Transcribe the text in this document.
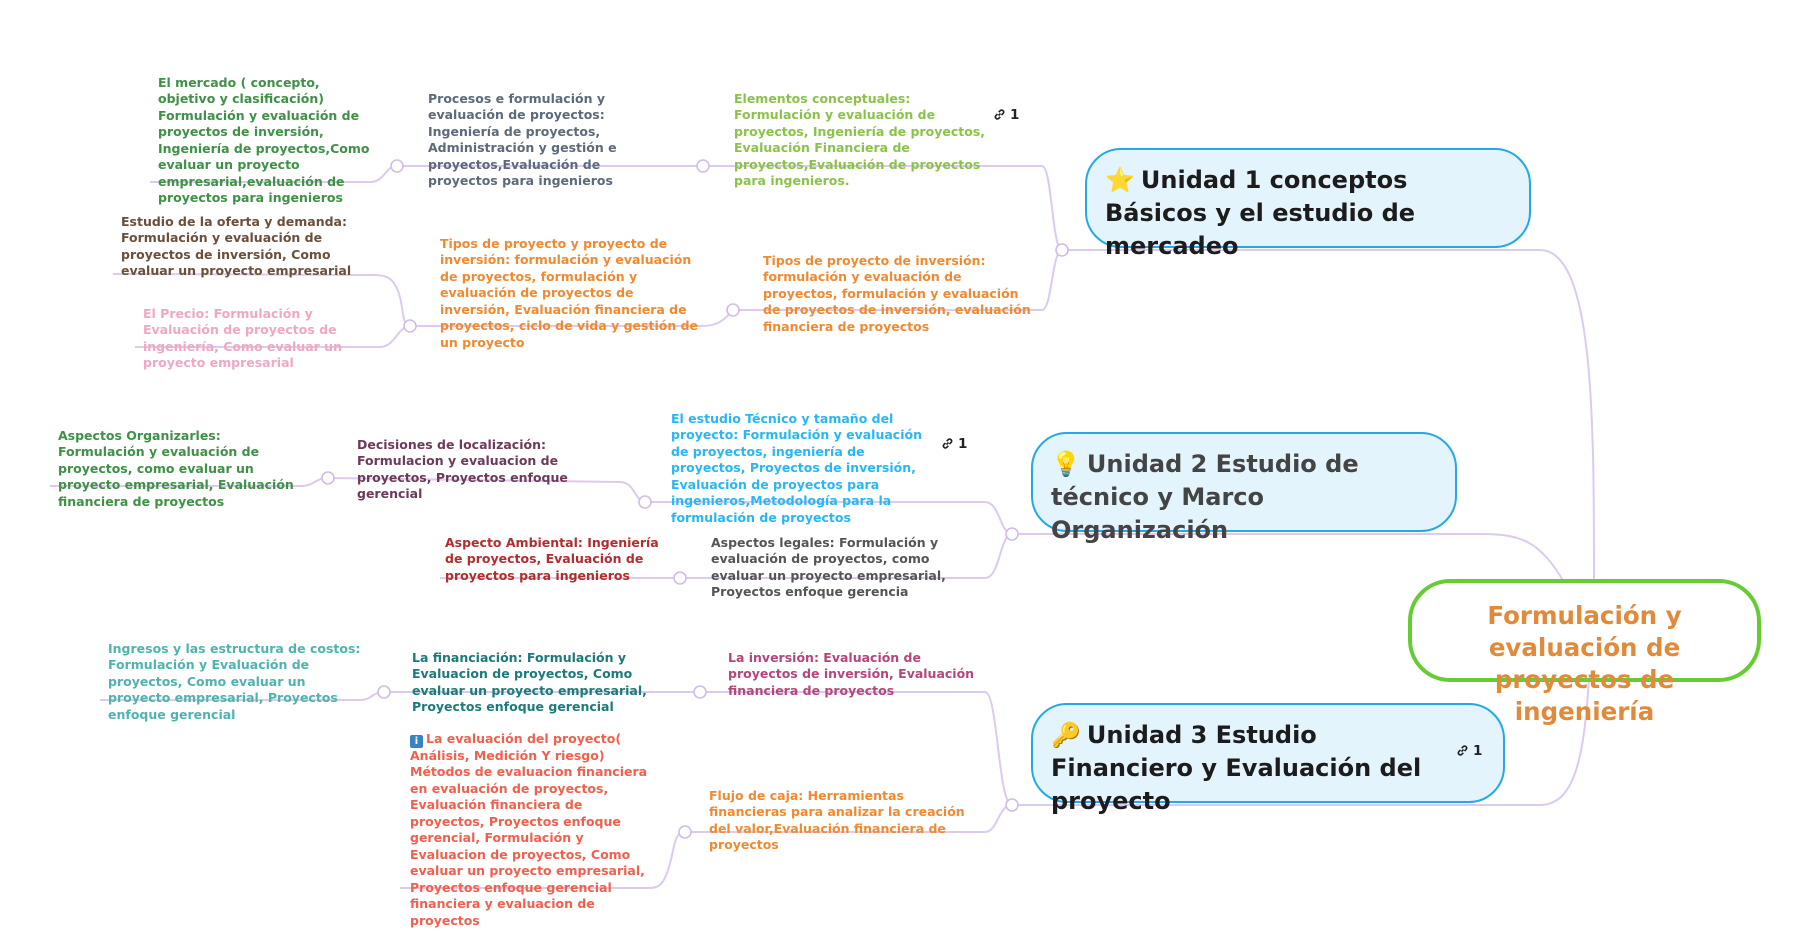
Formulación y evaluación de proyectos de ingeniería
⭐ Unidad 1 conceptos Básicos y el estudio de mercadeo
💡 Unidad 2 Estudio de técnico y Marco Organización
🔑 Unidad 3 Estudio Financiero y Evaluación del proyecto
1

Elementos conceptuales: Formulación y evaluación de proyectos, Ingeniería de proyectos, Evaluación Financiera de proyectos,Evaluación de proyectos para ingenieros.

1

Procesos e formulación y evaluación de proyectos: Ingeniería de proyectos, Administración y gestión e proyectos,Evaluación de proyectos para ingenieros

El mercado ( concepto, objetivo y clasificación) Formulación y evaluación de proyectos de inversión, Ingeniería de proyectos,Como evaluar un proyecto empresarial,evaluación de proyectos para ingenieros

Tipos de proyecto de inversión: formulación y evaluación de proyectos, formulación y evaluación de proyectos de inversión, evaluación financiera de proyectos

Tipos de proyecto y proyecto de inversión: formulación y evaluación de proyectos, formulación y evaluación de proyectos de inversión, Evaluación financiera de proyectos, ciclo de vida y gestión de un proyecto

Estudio de la oferta y demanda: Formulación y evaluación de proyectos de inversión, Como evaluar un proyecto empresarial

El Precio: Formulación y Evaluación de proyectos de ingeniería, Como evaluar un proyecto empresarial

El estudio Técnico y tamaño del proyecto: Formulación y evaluación de proyectos, ingeniería de proyectos, Proyectos de inversión, Evaluación de proyectos para ingenieros,Metodología para la formulación de proyectos

1

Decisiones de localización: Formulacion y evaluacion de proyectos, Proyectos enfoque gerencial

Aspectos Organizarles: Formulación y evaluación de proyectos, como evaluar un proyecto empresarial, Evaluación financiera de proyectos

Aspectos legales: Formulación y evaluación de proyectos, como evaluar un proyecto empresarial, Proyectos enfoque gerencia

Aspecto Ambiental: Ingeniería de proyectos, Evaluación de proyectos para ingenieros

La inversión: Evaluación de proyectos de inversión, Evaluación financiera de proyectos

La financiación: Formulación y Evaluacion de proyectos, Como evaluar un proyecto empresarial, Proyectos enfoque gerencial

Ingresos y las estructura de costos: Formulación y Evaluación de proyectos, Como evaluar un proyecto empresarial, Proyectos enfoque gerencial

Flujo de caja: Herramientas financieras para analizar la creación del valor,Evaluación financiera de proyectos

i La evaluación del proyecto( Análisis, Medición Y riesgo) Métodos de evaluacion financiera en evaluación de proyectos, Evaluación financiera de proyectos, Proyectos enfoque gerencial, Formulación y Evaluacion de proyectos, Como evaluar un proyecto empresarial, Proyectos enfoque gerencial financiera y evaluacion de proyectos
